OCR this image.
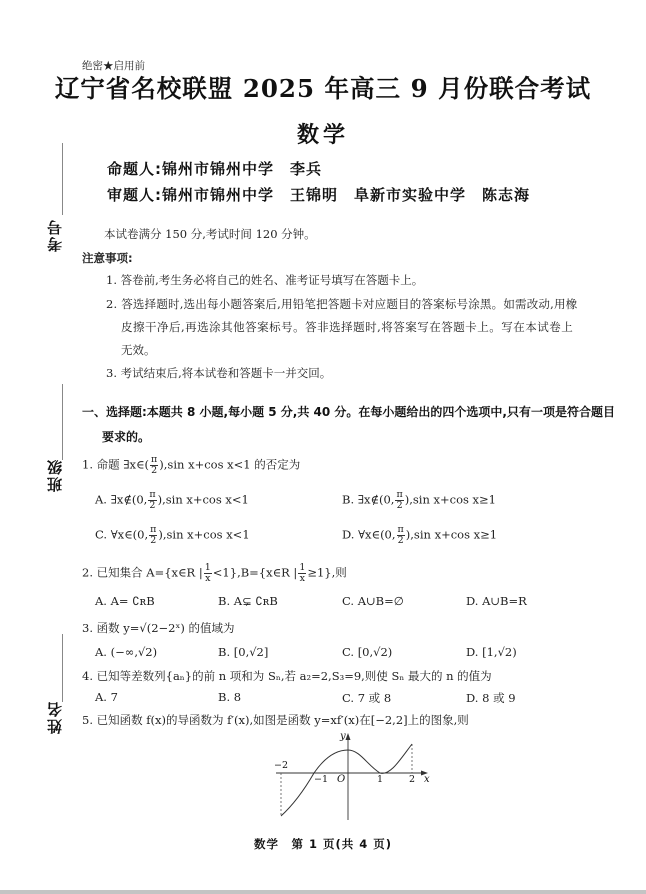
绝密★启用前
辽宁省名校联盟 2025 年高三 9 月份联合考试
数学
命题人:锦州市锦州中学　李兵
审题人:锦州市锦州中学　王锦明　阜新市实验中学　陈志海
考号
班级
姓名
本试卷满分 150 分,考试时间 120 分钟。
注意事项:
1. 答卷前,考生务必将自己的姓名、准考证号填写在答题卡上。
2. 答选择题时,选出每小题答案后,用铅笔把答题卡对应题目的答案标号涂黑。如需改动,用橡
皮擦干净后,再选涂其他答案标号。答非选择题时,将答案写在答题卡上。写在本试卷上
无效。
3. 考试结束后,将本试卷和答题卡一并交回。
一、选择题:本题共 8 小题,每小题 5 分,共 40 分。在每小题给出的四个选项中,只有一项是符合题目
要求的。
1. 命题 ∃x∈( $\frac{\pi}{2} ),\sin$ x+cos x<1 的否定为
A. ∃x∉(0, $\frac{\pi}{2} ),\sin$ x+cos x<1	B. ∃x∉(0, $\frac{\pi}{2} ),\sin$ x+cos x≥1
C. ∀x∈(0, $\frac{\pi}{2} ),\sin$ x+cos x<1	D. ∀x∈(0, $\frac{\pi}{2} ),\sin$ x+cos x≥1
2. 已知集合 A={x∈R | $\frac{1}{x}$ <1},B={x∈R | $\frac{1}{x} \ge 1$},则
A. A= ∁ʀB	B. A⊊ ∁ʀB	C. A∪B=∅	D. A∪B=R
3. 函数 y=√(2−2ˣ) 的值域为
A. (−∞,√2)	B. [0,√2]	C. [0,√2)	D. [1,√2)
4. 已知等差数列{aₙ}的前 n 项和为 Sₙ,若 a₂=2,S₃=9,则使 Sₙ 最大的 n 的值为
A. 7	B. 8	C. 7 或 8	D. 8 或 9
5. 已知函数 f(x)的导函数为 f′(x),如图是函数 y=xf′(x)在[−2,2]上的图象,则
y
x
O
−2
−1	1	2
数学　第 1 页(共 4 页)
